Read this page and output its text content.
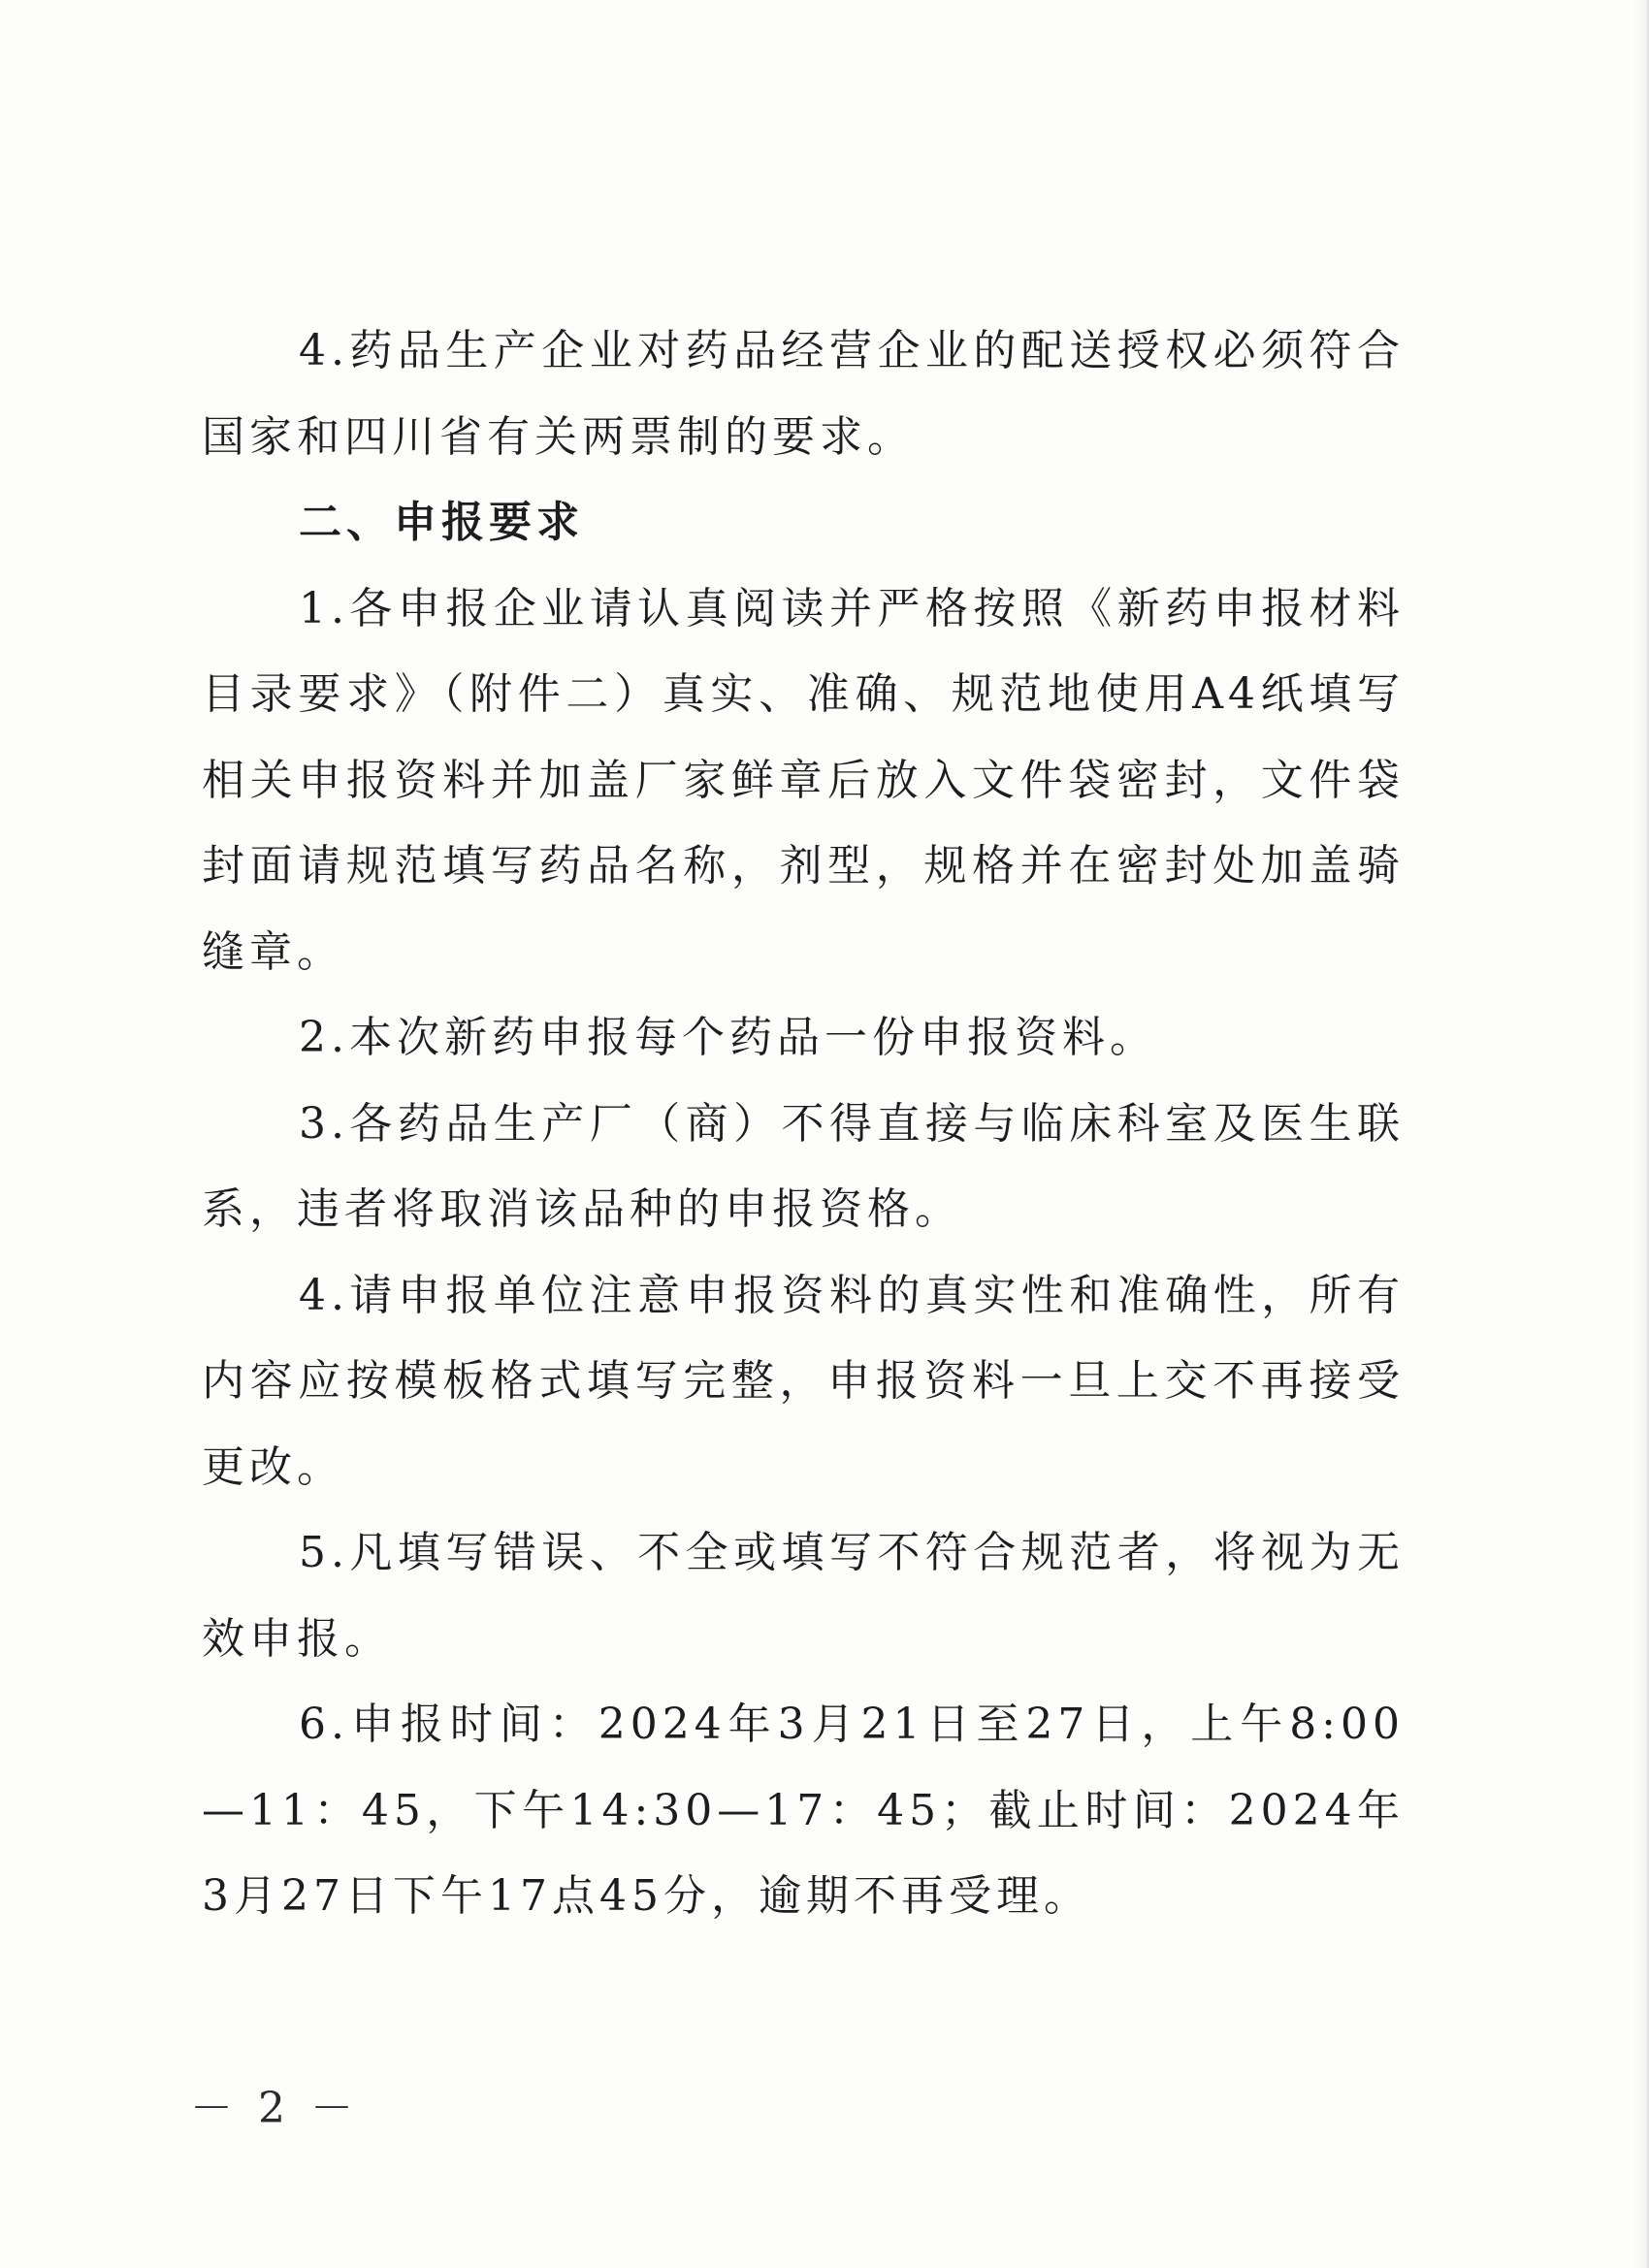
4.药品生产企业对药品经营企业的配送授权必须符合国家和四川省有关两票制的要求。

二、申报要求

1.各申报企业请认真阅读并严格按照《新药申报材料目录要求》（附件二）真实、准确、规范地使用A4纸填写相关申报资料并加盖厂家鲜章后放入文件袋密封，文件袋封面请规范填写药品名称，剂型，规格并在密封处加盖骑缝章。

2.本次新药申报每个药品一份申报资料。

3.各药品生产厂（商）不得直接与临床科室及医生联系，违者将取消该品种的申报资格。

4.请申报单位注意申报资料的真实性和准确性，所有内容应按模板格式填写完整，申报资料一旦上交不再接受更改。

5.凡填写错误、不全或填写不符合规范者，将视为无效申报。

6.申报时间：2024年3月21日至27日，上午8:00—11：45，下午14:30—17：45；截止时间：2024年3月27日下午17点45分，逾期不再受理。

－ 2 －
